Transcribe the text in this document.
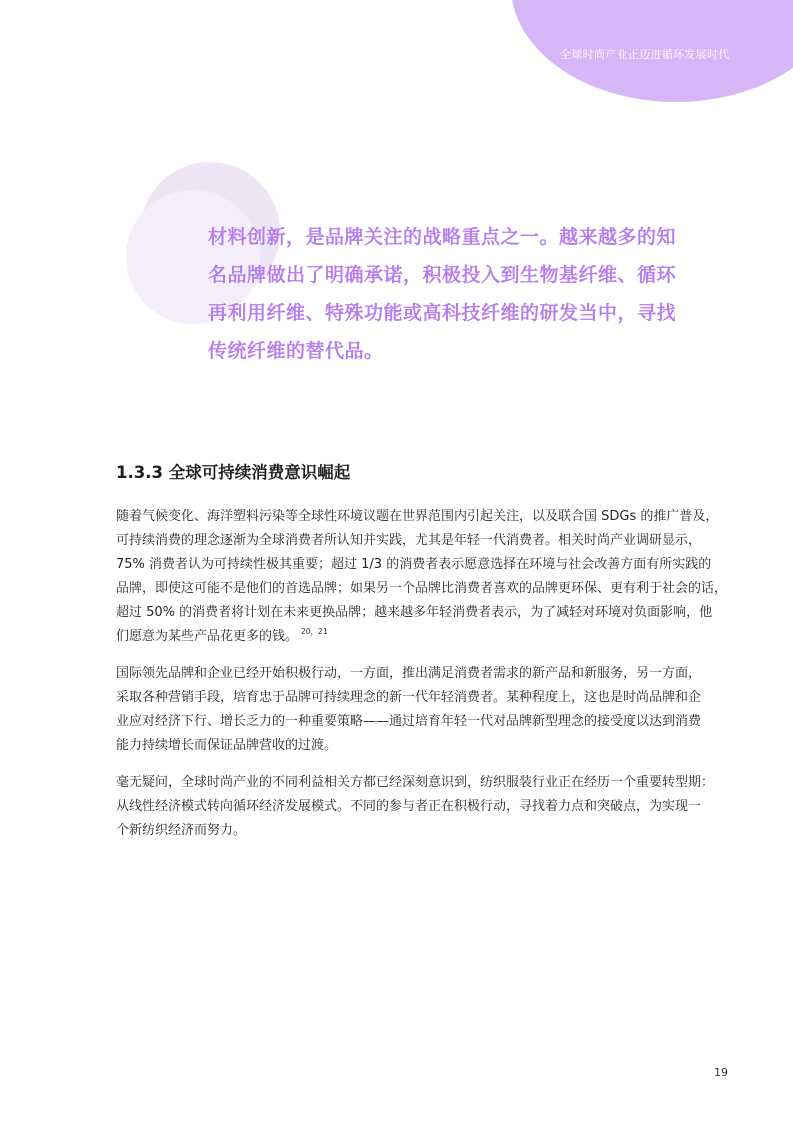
全球时尚产业正迈进循环发展时代
材料创新，是品牌关注的战略重点之一。越来越多的知
名品牌做出了明确承诺，积极投入到生物基纤维、循环
再利用纤维、特殊功能或高科技纤维的研发当中，寻找
传统纤维的替代品。
1.3.3 全球可持续消费意识崛起
随着气候变化、海洋塑料污染等全球性环境议题在世界范围内引起关注，以及联合国 SDGs 的推广普及，
可持续消费的理念逐渐为全球消费者所认知并实践，尤其是年轻一代消费者。相关时尚产业调研显示，
75% 消费者认为可持续性极其重要；超过 1/3 的消费者表示愿意选择在环境与社会改善方面有所实践的
品牌，即使这可能不是他们的首选品牌；如果另一个品牌比消费者喜欢的品牌更环保、更有利于社会的话，
超过 50% 的消费者将计划在未来更换品牌；越来越多年轻消费者表示，为了减轻对环境对负面影响，他
们愿意为某些产品花更多的钱。 $^{20,21}$
国际领先品牌和企业已经开始积极行动，一方面，推出满足消费者需求的新产品和新服务，另一方面，
采取各种营销手段，培育忠于品牌可持续理念的新一代年轻消费者。某种程度上，这也是时尚品牌和企
业应对经济下行、增长乏力的一种重要策略——通过培育年轻一代对品牌新型理念的接受度以达到消费
能力持续增长而保证品牌营收的过渡。
毫无疑问，全球时尚产业的不同利益相关方都已经深刻意识到，纺织服装行业正在经历一个重要转型期：
从线性经济模式转向循环经济发展模式。不同的参与者正在积极行动，寻找着力点和突破点，为实现一
个新纺织经济而努力。
19
